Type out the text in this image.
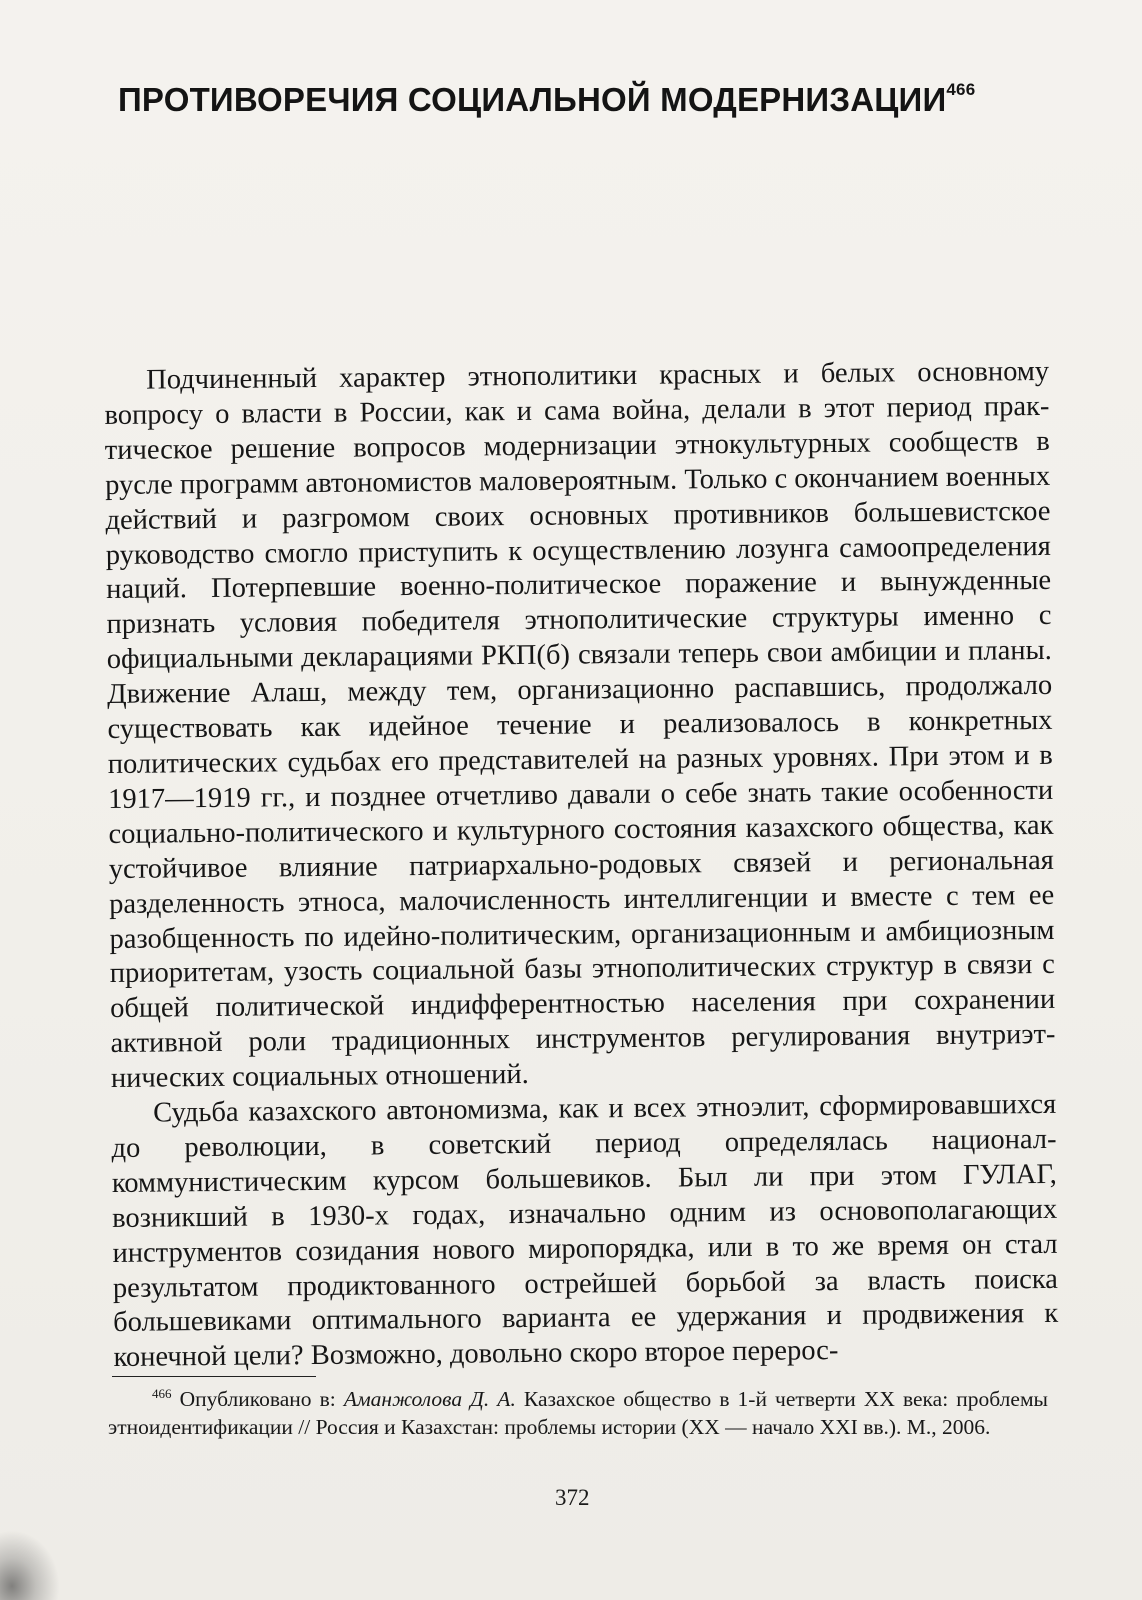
ПРОТИВОРЕЧИЯ СОЦИАЛЬНОЙ МОДЕРНИЗАЦИИ$^{466}$

Подчиненный характер этнополитики красных и белых основному вопросу о власти в России, как и сама война, делали в этот период практическое решение вопросов модернизации этнокультурных сообществ в русле программ автономистов маловероятным. Только с окончанием военных действий и разгромом своих основных противников большевистское руководство смогло приступить к осуществлению лозунга самоопределения наций. Потерпевшие военно-политическое поражение и вынужденные признать условия победителя этнополитические структуры именно с официальными декларациями РКП(б) связали теперь свои амбиции и планы. Движение Алаш, между тем, организационно распавшись, продолжало существовать как идейное течение и реализовалось в конкретных политических судьбах его представителей на разных уровнях. При этом и в 1917—1919 гг., и позднее отчетливо давали о себе знать такие особенности социально-политического и культурного состояния казахского общества, как устойчивое влияние патриархально-родовых связей и региональная разделенность этноса, малочисленность интеллигенции и вместе с тем ее разобщенность по идейно-политическим, организационным и амбициозным приоритетам, узость социальной базы этнополитических структур в связи с общей политической индифферентностью населения при сохранении активной роли традиционных инструментов регулирования внутриэтнических социальных отношений.

Судьба казахского автономизма, как и всех этноэлит, сформировавшихся до революции, в советский период определялась национал-коммунистическим курсом большевиков. Был ли при этом ГУЛАГ, возникший в 1930-х годах, изначально одним из основополагающих инструментов созидания нового миропорядка, или в то же время он стал результатом продиктованного острейшей борьбой за власть поиска большевиками оптимального варианта ее удержания и продвижения к конечной цели? Возможно, довольно скоро второе перерос-

$^{466}$ Опубликовано в: Аманжолова Д. А. Казахское общество в 1-й четверти XX века: проблемы этноидентификации // Россия и Казахстан: проблемы истории (XX — начало XXI вв.). М., 2006.
372
